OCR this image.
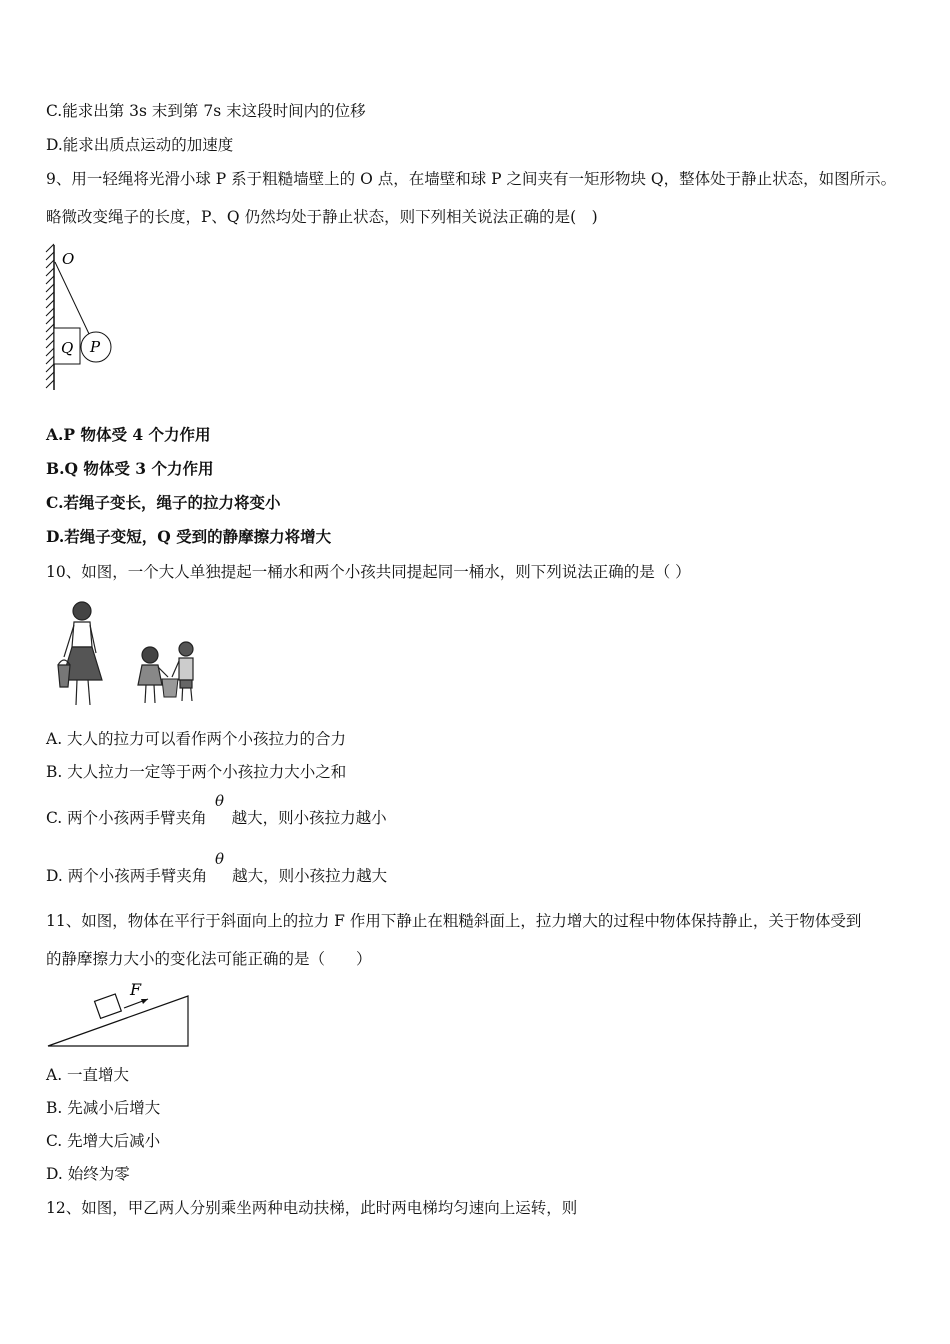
C.能求出第 3s 末到第 7s 末这段时间内的位移
D.能求出质点运动的加速度
9、用一轻绳将光滑小球 P 系于粗糙墙壁上的 O 点，在墙壁和球 P 之间夹有一矩形物块 Q，整体处于静止状态，如图所示。
略微改变绳子的长度，P、Q 仍然均处于静止状态，则下列相关说法正确的是(　)
O
Q P
A.P 物体受 4 个力作用
B.Q 物体受 3 个力作用
C.若绳子变长，绳子的拉力将变小
D.若绳子变短，Q 受到的静摩擦力将增大
10、如图，一个大人单独提起一桶水和两个小孩共同提起同一桶水，则下列说法正确的是（ ）
A. 大人的拉力可以看作两个小孩拉力的合力
B. 大人拉力一定等于两个小孩拉力大小之和
C. 两个小孩两手臂夹角 越大，则小孩拉力越小
θ
D. 两个小孩两手臂夹角 越大，则小孩拉力越大
θ
11、如图，物体在平行于斜面向上的拉力 F 作用下静止在粗糙斜面上，拉力增大的过程中物体保持静止，关于物体受到
的静摩擦力大小的变化法可能正确的是（　　）
F
A. 一直增大
B. 先减小后增大
C. 先增大后减小
D. 始终为零
12、如图，甲乙两人分别乘坐两种电动扶梯，此时两电梯均匀速向上运转，则
